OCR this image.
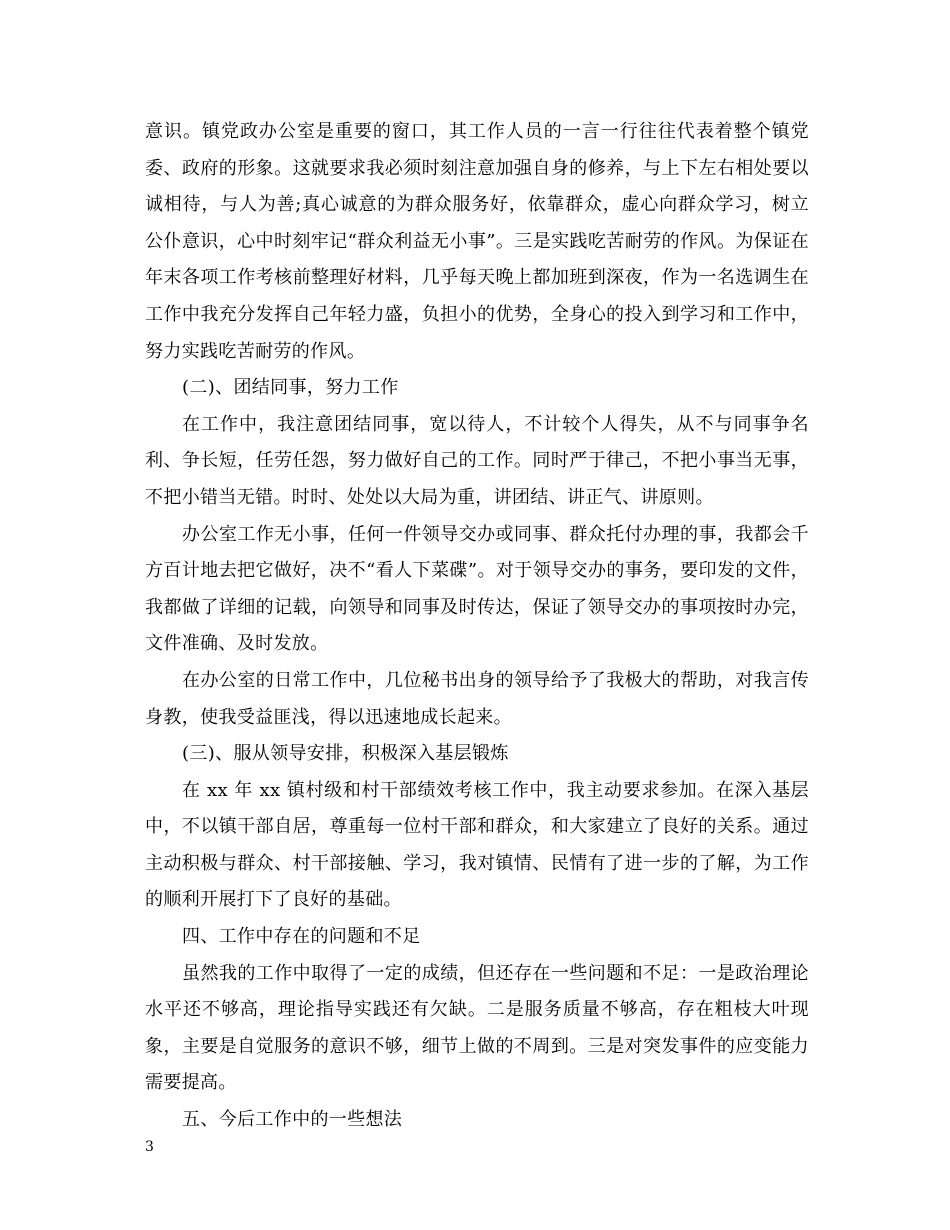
意识。镇党政办公室是重要的窗口，其工作人员的一言一行往往代表着整个镇党委、政府的形象。这就要求我必须时刻注意加强自身的修养，与上下左右相处要以诚相待，与人为善;真心诚意的为群众服务好，依靠群众，虚心向群众学习，树立公仆意识，心中时刻牢记“群众利益无小事”。三是实践吃苦耐劳的作风。为保证在年末各项工作考核前整理好材料，几乎每天晚上都加班到深夜，作为一名选调生在工作中我充分发挥自己年轻力盛，负担小的优势，全身心的投入到学习和工作中，努力实践吃苦耐劳的作风。

(二)、团结同事，努力工作

在工作中，我注意团结同事，宽以待人，不计较个人得失，从不与同事争名利、争长短，任劳任怨，努力做好自己的工作。同时严于律己，不把小事当无事，不把小错当无错。时时、处处以大局为重，讲团结、讲正气、讲原则。

办公室工作无小事，任何一件领导交办或同事、群众托付办理的事，我都会千方百计地去把它做好，决不“看人下菜碟”。对于领导交办的事务，要印发的文件，我都做了详细的记载，向领导和同事及时传达，保证了领导交办的事项按时办完，文件准确、及时发放。

在办公室的日常工作中，几位秘书出身的领导给予了我极大的帮助，对我言传身教，使我受益匪浅，得以迅速地成长起来。

(三)、服从领导安排，积极深入基层锻炼

在 xx 年 xx 镇村级和村干部绩效考核工作中，我主动要求参加。在深入基层中，不以镇干部自居，尊重每一位村干部和群众，和大家建立了良好的关系。通过主动积极与群众、村干部接触、学习，我对镇情、民情有了进一步的了解，为工作的顺利开展打下了良好的基础。

四、工作中存在的问题和不足

虽然我的工作中取得了一定的成绩，但还存在一些问题和不足：一是政治理论水平还不够高，理论指导实践还有欠缺。二是服务质量不够高，存在粗枝大叶现象，主要是自觉服务的意识不够，细节上做的不周到。三是对突发事件的应变能力需要提高。

五、今后工作中的一些想法

3
